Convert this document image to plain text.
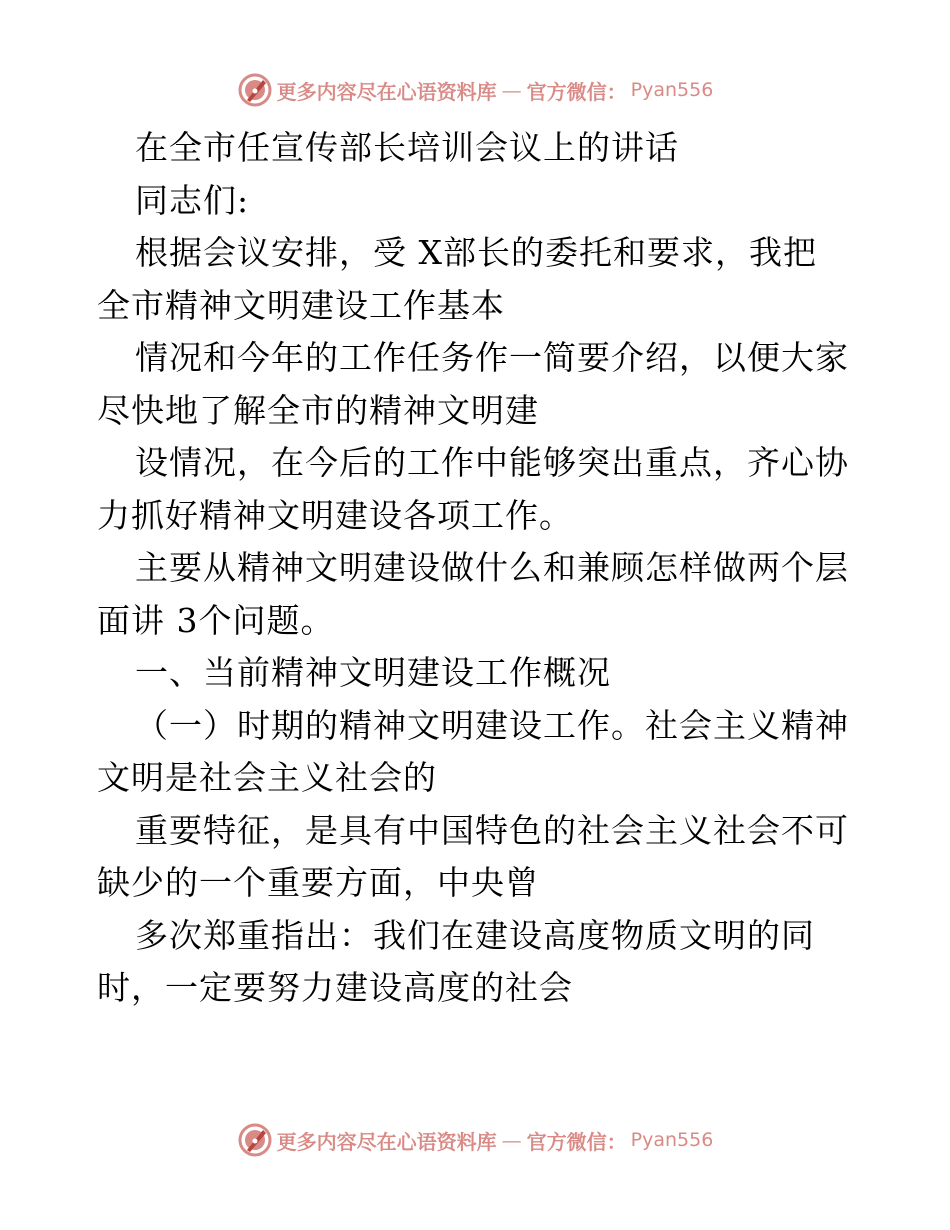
更多内容尽在心语资料库 — 官方微信： Pyan556
在全市任宣传部长培训会议上的讲话
同志们:
根据会议安排，受 X部长的委托和要求，我把
全市精神文明建设工作基本
情况和今年的工作任务作一简要介绍，以便大家
尽快地了解全市的精神文明建
设情况，在今后的工作中能够突出重点，齐心协
力抓好精神文明建设各项工作。
主要从精神文明建设做什么和兼顾怎样做两个层
面讲 3个问题。
一、当前精神文明建设工作概况
（一）时期的精神文明建设工作。社会主义精神
文明是社会主义社会的
重要特征，是具有中国特色的社会主义社会不可
缺少的一个重要方面，中央曾
多次郑重指出：我们在建设高度物质文明的同
时，一定要努力建设高度的社会
更多内容尽在心语资料库 — 官方微信： Pyan556
